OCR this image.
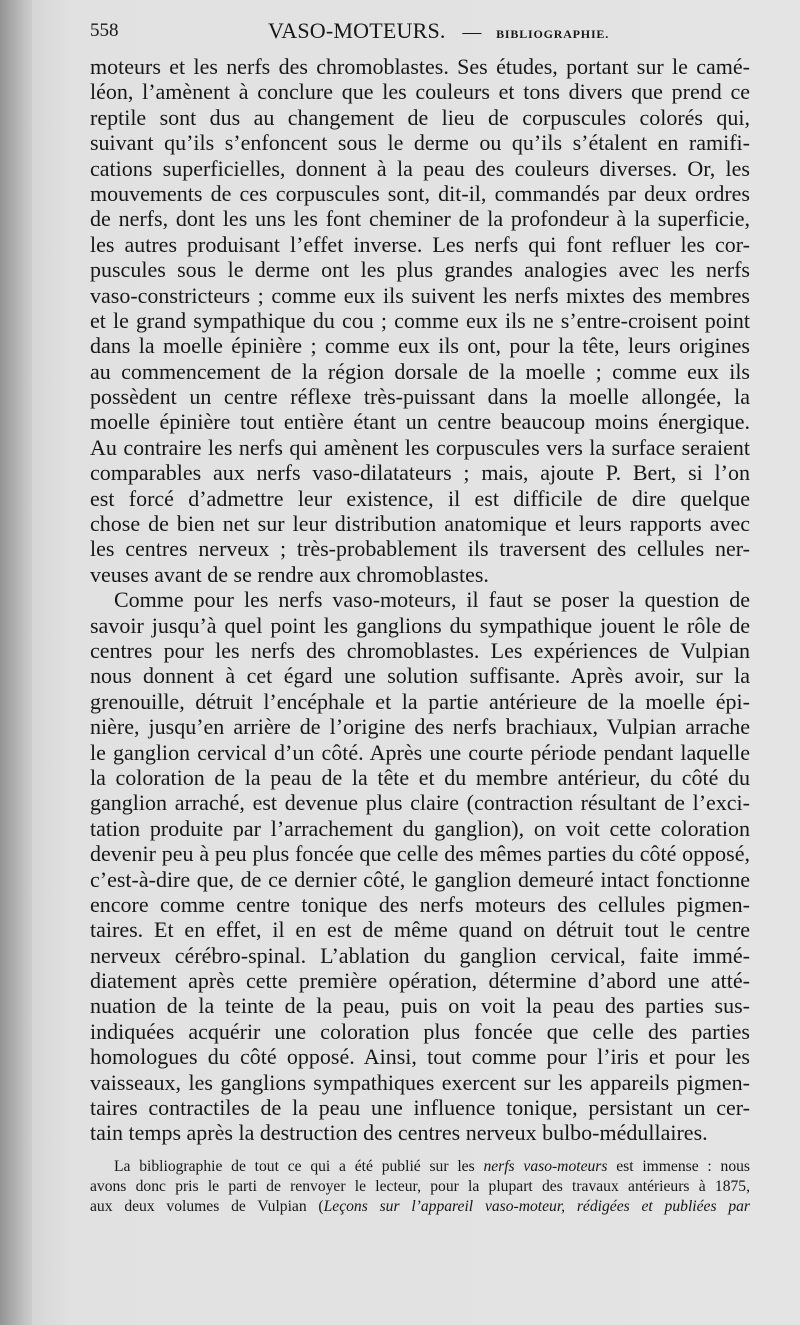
558	VASO-MOTEURS. — BIBLIOGRAPHIE.
moteurs et les nerfs des chromoblastes. Ses études, portant sur le camé-
léon, l’amènent à conclure que les couleurs et tons divers que prend ce
reptile sont dus au changement de lieu de corpuscules colorés qui,
suivant qu’ils s’enfoncent sous le derme ou qu’ils s’étalent en ramifi-
cations superficielles, donnent à la peau des couleurs diverses. Or, les
mouvements de ces corpuscules sont, dit-il, commandés par deux ordres
de nerfs, dont les uns les font cheminer de la profondeur à la superficie,
les autres produisant l’effet inverse. Les nerfs qui font refluer les cor-
puscules sous le derme ont les plus grandes analogies avec les nerfs
vaso-constricteurs ; comme eux ils suivent les nerfs mixtes des membres
et le grand sympathique du cou ; comme eux ils ne s’entre-croisent point
dans la moelle épinière ; comme eux ils ont, pour la tête, leurs origines
au commencement de la région dorsale de la moelle ; comme eux ils
possèdent un centre réflexe très-puissant dans la moelle allongée, la
moelle épinière tout entière étant un centre beaucoup moins énergique.
Au contraire les nerfs qui amènent les corpuscules vers la surface seraient
comparables aux nerfs vaso-dilatateurs ; mais, ajoute P. Bert, si l’on
est forcé d’admettre leur existence, il est difficile de dire quelque
chose de bien net sur leur distribution anatomique et leurs rapports avec
les centres nerveux ; très-probablement ils traversent des cellules ner-
veuses avant de se rendre aux chromoblastes.
Comme pour les nerfs vaso-moteurs, il faut se poser la question de
savoir jusqu’à quel point les ganglions du sympathique jouent le rôle de
centres pour les nerfs des chromoblastes. Les expériences de Vulpian
nous donnent à cet égard une solution suffisante. Après avoir, sur la
grenouille, détruit l’encéphale et la partie antérieure de la moelle épi-
nière, jusqu’en arrière de l’origine des nerfs brachiaux, Vulpian arrache
le ganglion cervical d’un côté. Après une courte période pendant laquelle
la coloration de la peau de la tête et du membre antérieur, du côté du
ganglion arraché, est devenue plus claire (contraction résultant de l’exci-
tation produite par l’arrachement du ganglion), on voit cette coloration
devenir peu à peu plus foncée que celle des mêmes parties du côté opposé,
c’est-à-dire que, de ce dernier côté, le ganglion demeuré intact fonctionne
encore comme centre tonique des nerfs moteurs des cellules pigmen-
taires. Et en effet, il en est de même quand on détruit tout le centre
nerveux cérébro-spinal. L’ablation du ganglion cervical, faite immé-
diatement après cette première opération, détermine d’abord une atté-
nuation de la teinte de la peau, puis on voit la peau des parties sus-
indiquées acquérir une coloration plus foncée que celle des parties
homologues du côté opposé. Ainsi, tout comme pour l’iris et pour les
vaisseaux, les ganglions sympathiques exercent sur les appareils pigmen-
taires contractiles de la peau une influence tonique, persistant un cer-
tain temps après la destruction des centres nerveux bulbo-médullaires.
La bibliographie de tout ce qui a été publié sur les nerfs vaso-moteurs est immense : nous
avons donc pris le parti de renvoyer le lecteur, pour la plupart des travaux antérieurs à 1875,
aux deux volumes de Vulpian (Leçons sur l’appareil vaso-moteur, rédigées et publiées par
